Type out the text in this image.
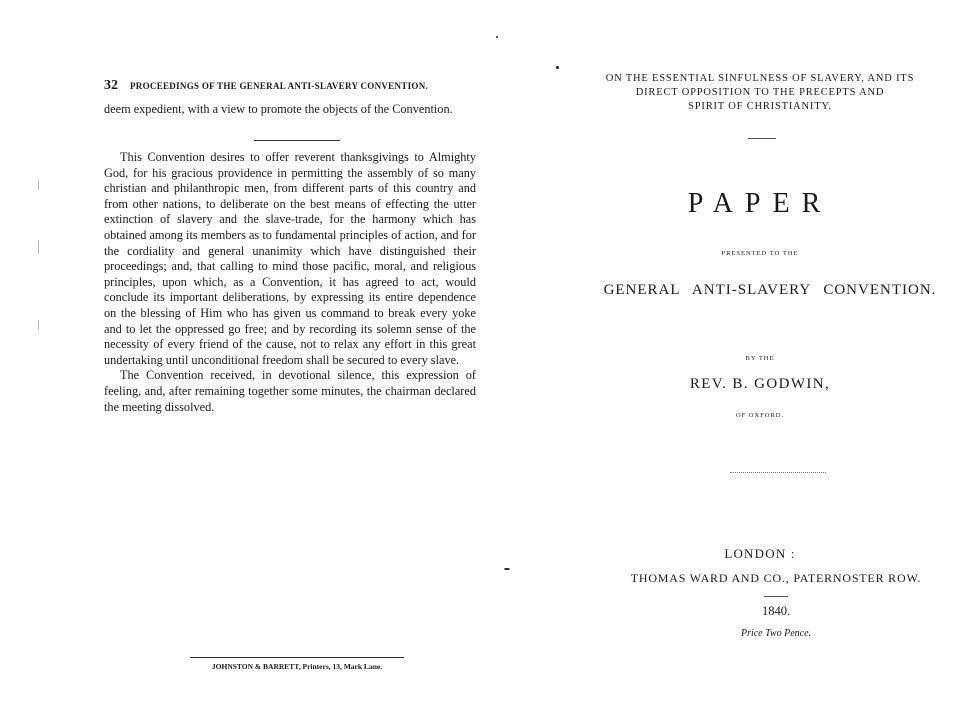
32 PROCEEDINGS OF THE GENERAL ANTI-SLAVERY CONVENTION.

deem expedient, with a view to promote the objects of the Convention.

This Convention desires to offer reverent thanksgivings to Almighty God, for his gracious providence in permitting the assembly of so many christian and philanthropic men, from different parts of this country and from other nations, to deliberate on the best means of effecting the utter extinction of slavery and the slave-trade, for the harmony which has obtained among its members as to fundamental principles of action, and for the cordiality and general unanimity which have distinguished their proceedings; and, that calling to mind those pacific, moral, and religious principles, upon which, as a Convention, it has agreed to act, would conclude its important deliberations, by expressing its entire dependence on the blessing of Him who has given us command to break every yoke and to let the oppressed go free; and by recording its solemn sense of the necessity of every friend of the cause, not to relax any effort in this great undertaking until unconditional freedom shall be secured to every slave.

The Convention received, in devotional silence, this expression of feeling, and, after remaining together some minutes, the chairman declared the meeting dissolved.

JOHNSTON & BARRETT, Printers, 13, Mark Lane.
ON THE ESSENTIAL SINFULNESS OF SLAVERY, AND ITS
DIRECT OPPOSITION TO THE PRECEPTS AND
SPIRIT OF CHRISTIANITY.
PAPER
PRESENTED TO THE
GENERAL ANTI-SLAVERY CONVENTION.
BY THE
REV. B. GODWIN,
OF OXFORD.
LONDON :
THOMAS WARD AND CO., PATERNOSTER ROW.
1840.
Price Two Pence.
